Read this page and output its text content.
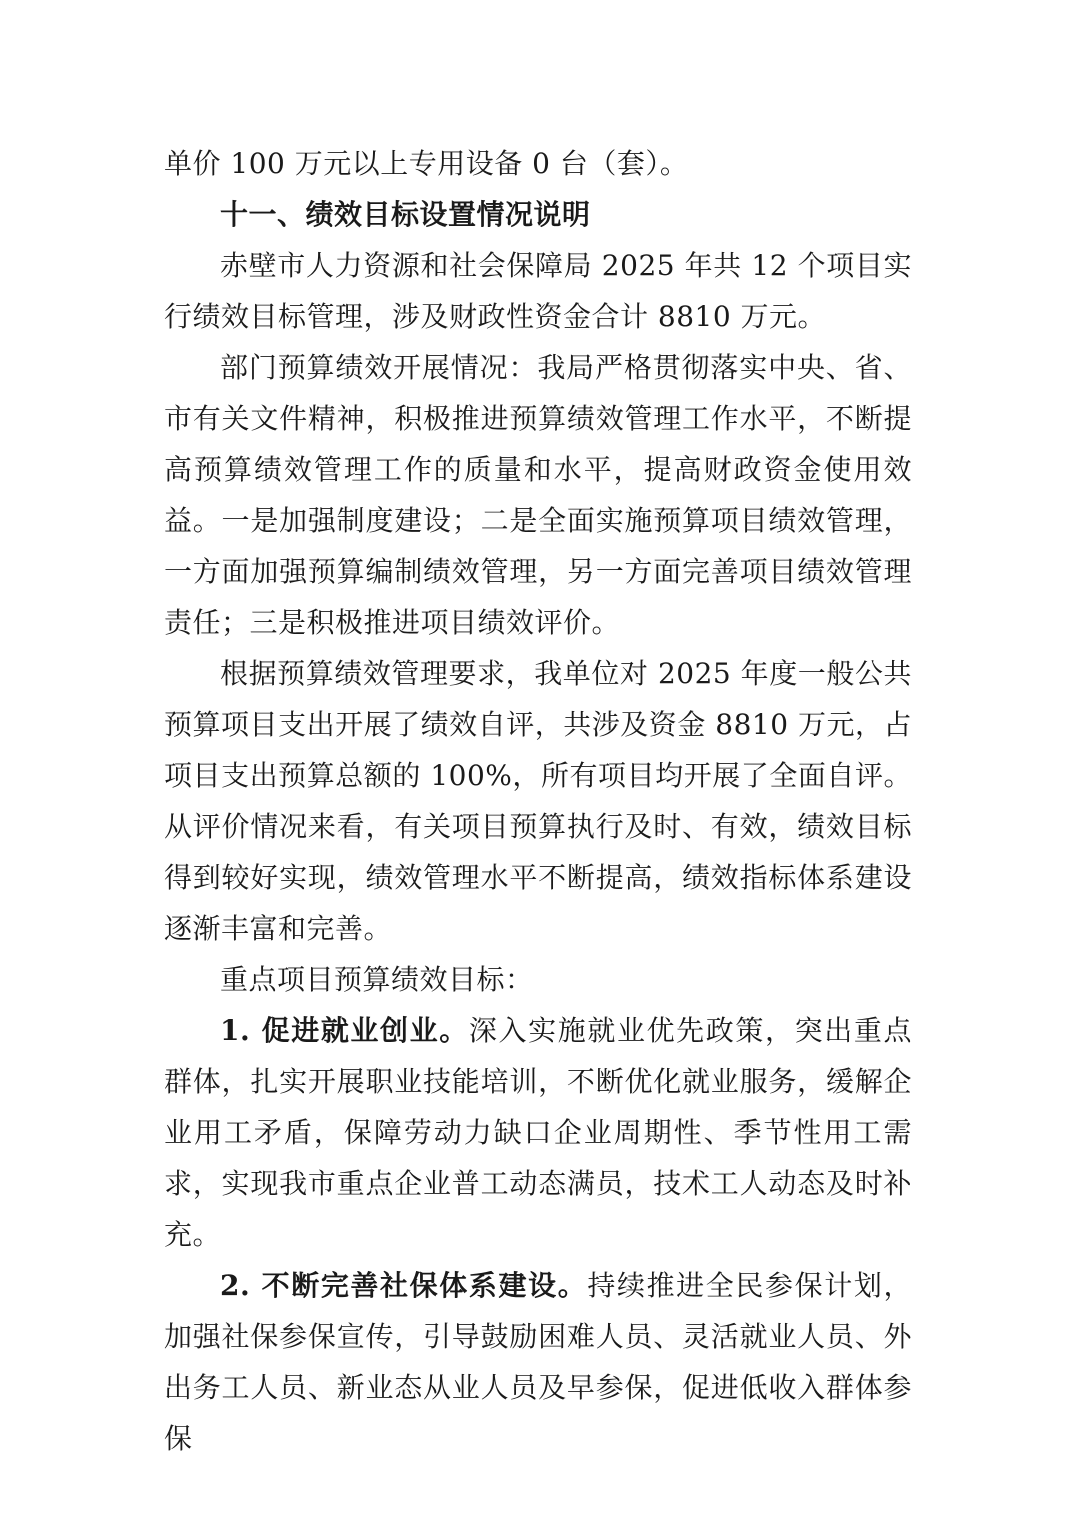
单价 100 万元以上专用设备 0 台（套）。

十一、绩效目标设置情况说明

赤壁市人力资源和社会保障局 2025 年共 12 个项目实行绩效目标管理，涉及财政性资金合计 8810 万元。

部门预算绩效开展情况：我局严格贯彻落实中央、省、市有关文件精神，积极推进预算绩效管理工作水平，不断提高预算绩效管理工作的质量和水平，提高财政资金使用效益。一是加强制度建设；二是全面实施预算项目绩效管理，一方面加强预算编制绩效管理，另一方面完善项目绩效管理责任；三是积极推进项目绩效评价。

根据预算绩效管理要求，我单位对 2025 年度一般公共预算项目支出开展了绩效自评，共涉及资金 8810 万元，占项目支出预算总额的 100%，所有项目均开展了全面自评。从评价情况来看，有关项目预算执行及时、有效，绩效目标得到较好实现，绩效管理水平不断提高，绩效指标体系建设逐渐丰富和完善。

重点项目预算绩效目标：

1. 促进就业创业。深入实施就业优先政策，突出重点群体，扎实开展职业技能培训，不断优化就业服务，缓解企业用工矛盾，保障劳动力缺口企业周期性、季节性用工需求，实现我市重点企业普工动态满员，技术工人动态及时补充。

2. 不断完善社保体系建设。持续推进全民参保计划，加强社保参保宣传，引导鼓励困难人员、灵活就业人员、外出务工人员、新业态从业人员及早参保，促进低收入群体参保
